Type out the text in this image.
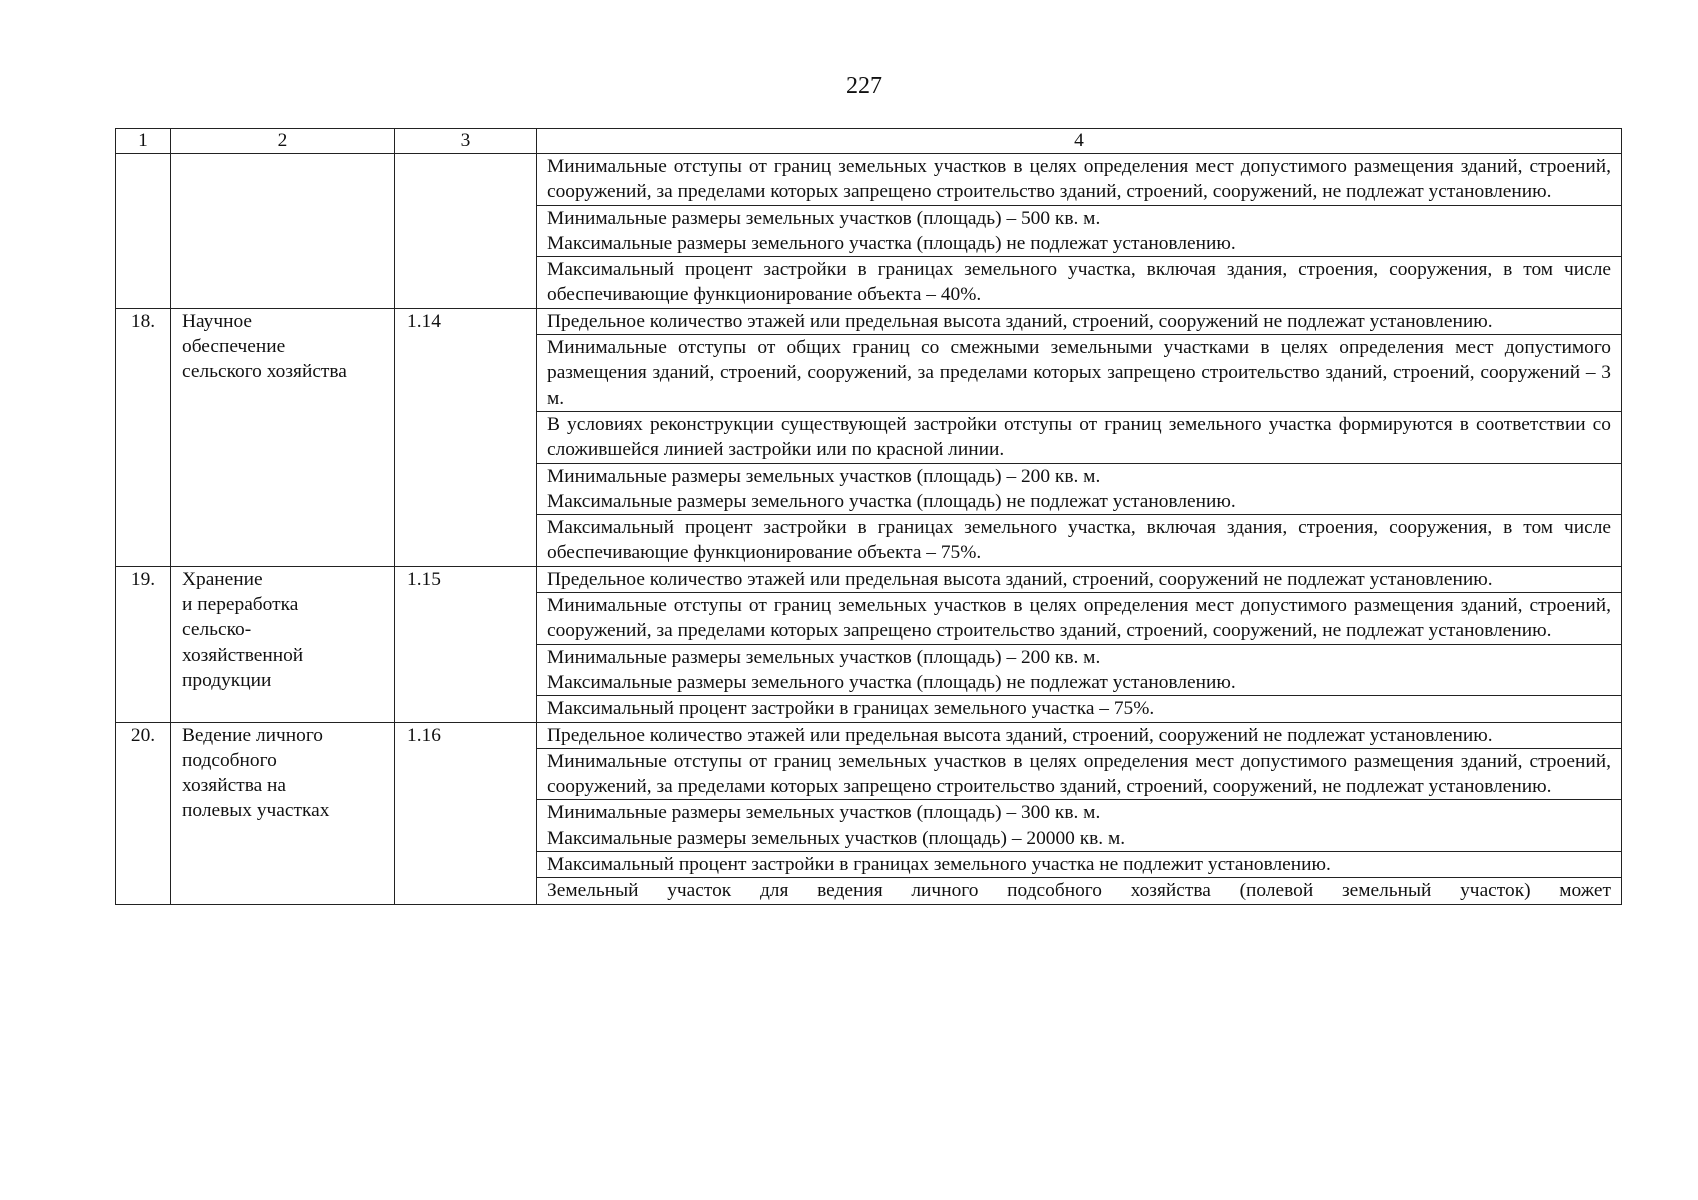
227
1	2	3	4
			Минимальные отступы от границ земельных участков в целях определения мест допустимого размещения зданий, строений, сооружений, за пределами которых запрещено строительство зданий, строений, сооружений, не подлежат установлению.
			Минимальные размеры земельных участков (площадь) – 500 кв. м.
Максимальные размеры земельного участка (площадь) не подлежат установлению.
			Максимальный процент застройки в границах земельного участка, включая здания, строения, сооружения, в том числе обеспечивающие функционирование объекта – 40%.
18.	Научное
обеспечение
сельского хозяйства	1.14	Предельное количество этажей или предельная высота зданий, строений, сооружений не подлежат установлению.
			Минимальные отступы от общих границ со смежными земельными участками в целях определения мест допустимого размещения зданий, строений, сооружений, за пределами которых запрещено строительство зданий, строений, сооружений – 3 м.
			В условиях реконструкции существующей застройки отступы от границ земельного участка формируются в соответствии со сложившейся линией застройки или по красной линии.
			Минимальные размеры земельных участков (площадь) – 200 кв. м.
Максимальные размеры земельного участка (площадь) не подлежат установлению.
			Максимальный процент застройки в границах земельного участка, включая здания, строения, сооружения, в том числе обеспечивающие функционирование объекта – 75%.
19.	Хранение
и переработка
сельско-
хозяйственной
продукции	1.15	Предельное количество этажей или предельная высота зданий, строений, сооружений не подлежат установлению.
			Минимальные отступы от границ земельных участков в целях определения мест допустимого размещения зданий, строений, сооружений, за пределами которых запрещено строительство зданий, строений, сооружений, не подлежат установлению.
			Минимальные размеры земельных участков (площадь) – 200 кв. м.
Максимальные размеры земельного участка (площадь) не подлежат установлению.
			Максимальный процент застройки в границах земельного участка – 75%.
20.	Ведение личного
подсобного
хозяйства на
полевых участках	1.16	Предельное количество этажей или предельная высота зданий, строений, сооружений не подлежат установлению.
			Минимальные отступы от границ земельных участков в целях определения мест допустимого размещения зданий, строений, сооружений, за пределами которых запрещено строительство зданий, строений, сооружений, не подлежат установлению.
			Минимальные размеры земельных участков (площадь) – 300 кв. м.
Максимальные размеры земельных участков (площадь) – 20000 кв. м.
			Максимальный процент застройки в границах земельного участка не подлежит установлению.
			Земельный участок для ведения личного подсобного хозяйства (полевой земельный участок) может
